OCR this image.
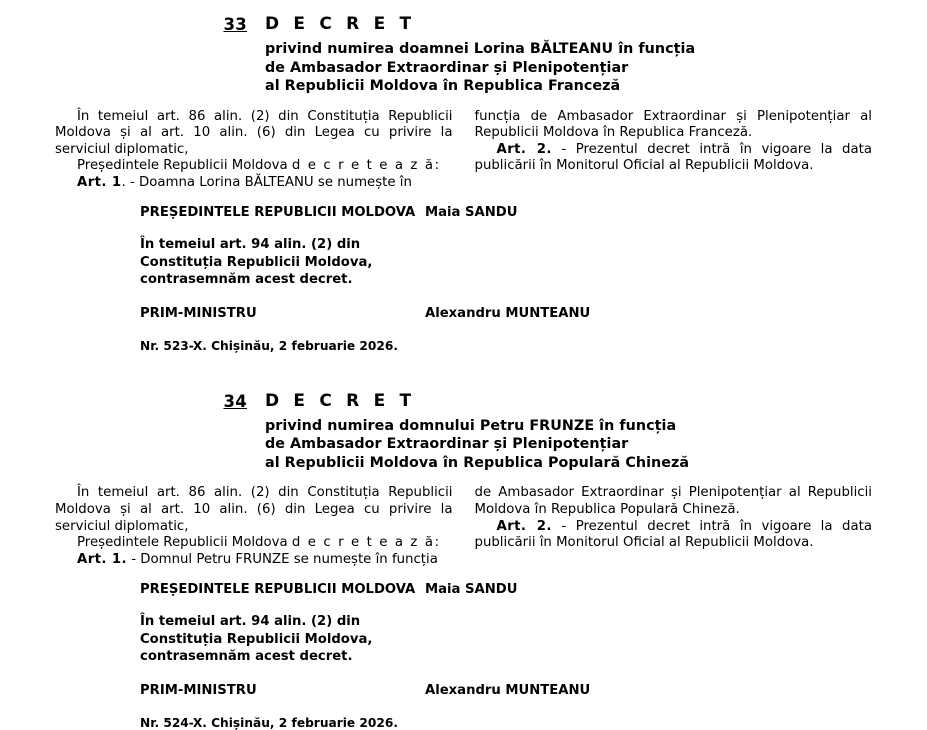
33	D E C R E T
privind numirea doamnei Lorina BĂLTEANU în funcția
de Ambasador Extraordinar și Plenipotențiar
al Republicii Moldova în Republica Franceză

În temeiul art. 86 alin. (2) din Constituția Republicii Moldova și al art. 10 alin. (6) din Legea cu privire la serviciul diplomatic,

Președintele Republicii Moldova d e c r e t e a z ă:

Art. 1. - Doamna Lorina BĂLTEANU se numește în

funcția de Ambasador Extraordinar și Plenipotențiar al Republicii Moldova în Republica Franceză.

Art. 2. - Prezentul decret intră în vigoare la data publicării în Monitorul Oficial al Republicii Moldova.

PREȘEDINTELE REPUBLICII MOLDOVA Maia SANDU
În temeiul art. 94 alin. (2) din
Constituția Republicii Moldova,
contrasemnăm acest decret.
PRIM-MINISTRU	Alexandru MUNTEANU
Nr. 523-X. Chișinău, 2 februarie 2026.
34	D E C R E T
privind numirea domnului Petru FRUNZE în funcția
de Ambasador Extraordinar și Plenipotențiar
al Republicii Moldova în Republica Populară Chineză

În temeiul art. 86 alin. (2) din Constituția Republicii Moldova și al art. 10 alin. (6) din Legea cu privire la serviciul diplomatic,

Președintele Republicii Moldova d e c r e t e a z ă:

Art. 1. - Domnul Petru FRUNZE se numește în funcția

de Ambasador Extraordinar și Plenipotențiar al Republicii Moldova în Republica Populară Chineză.

Art. 2. - Prezentul decret intră în vigoare la data publicării în Monitorul Oficial al Republicii Moldova.

PREȘEDINTELE REPUBLICII MOLDOVA Maia SANDU
În temeiul art. 94 alin. (2) din
Constituția Republicii Moldova,
contrasemnăm acest decret.
PRIM-MINISTRU	Alexandru MUNTEANU
Nr. 524-X. Chișinău, 2 februarie 2026.
